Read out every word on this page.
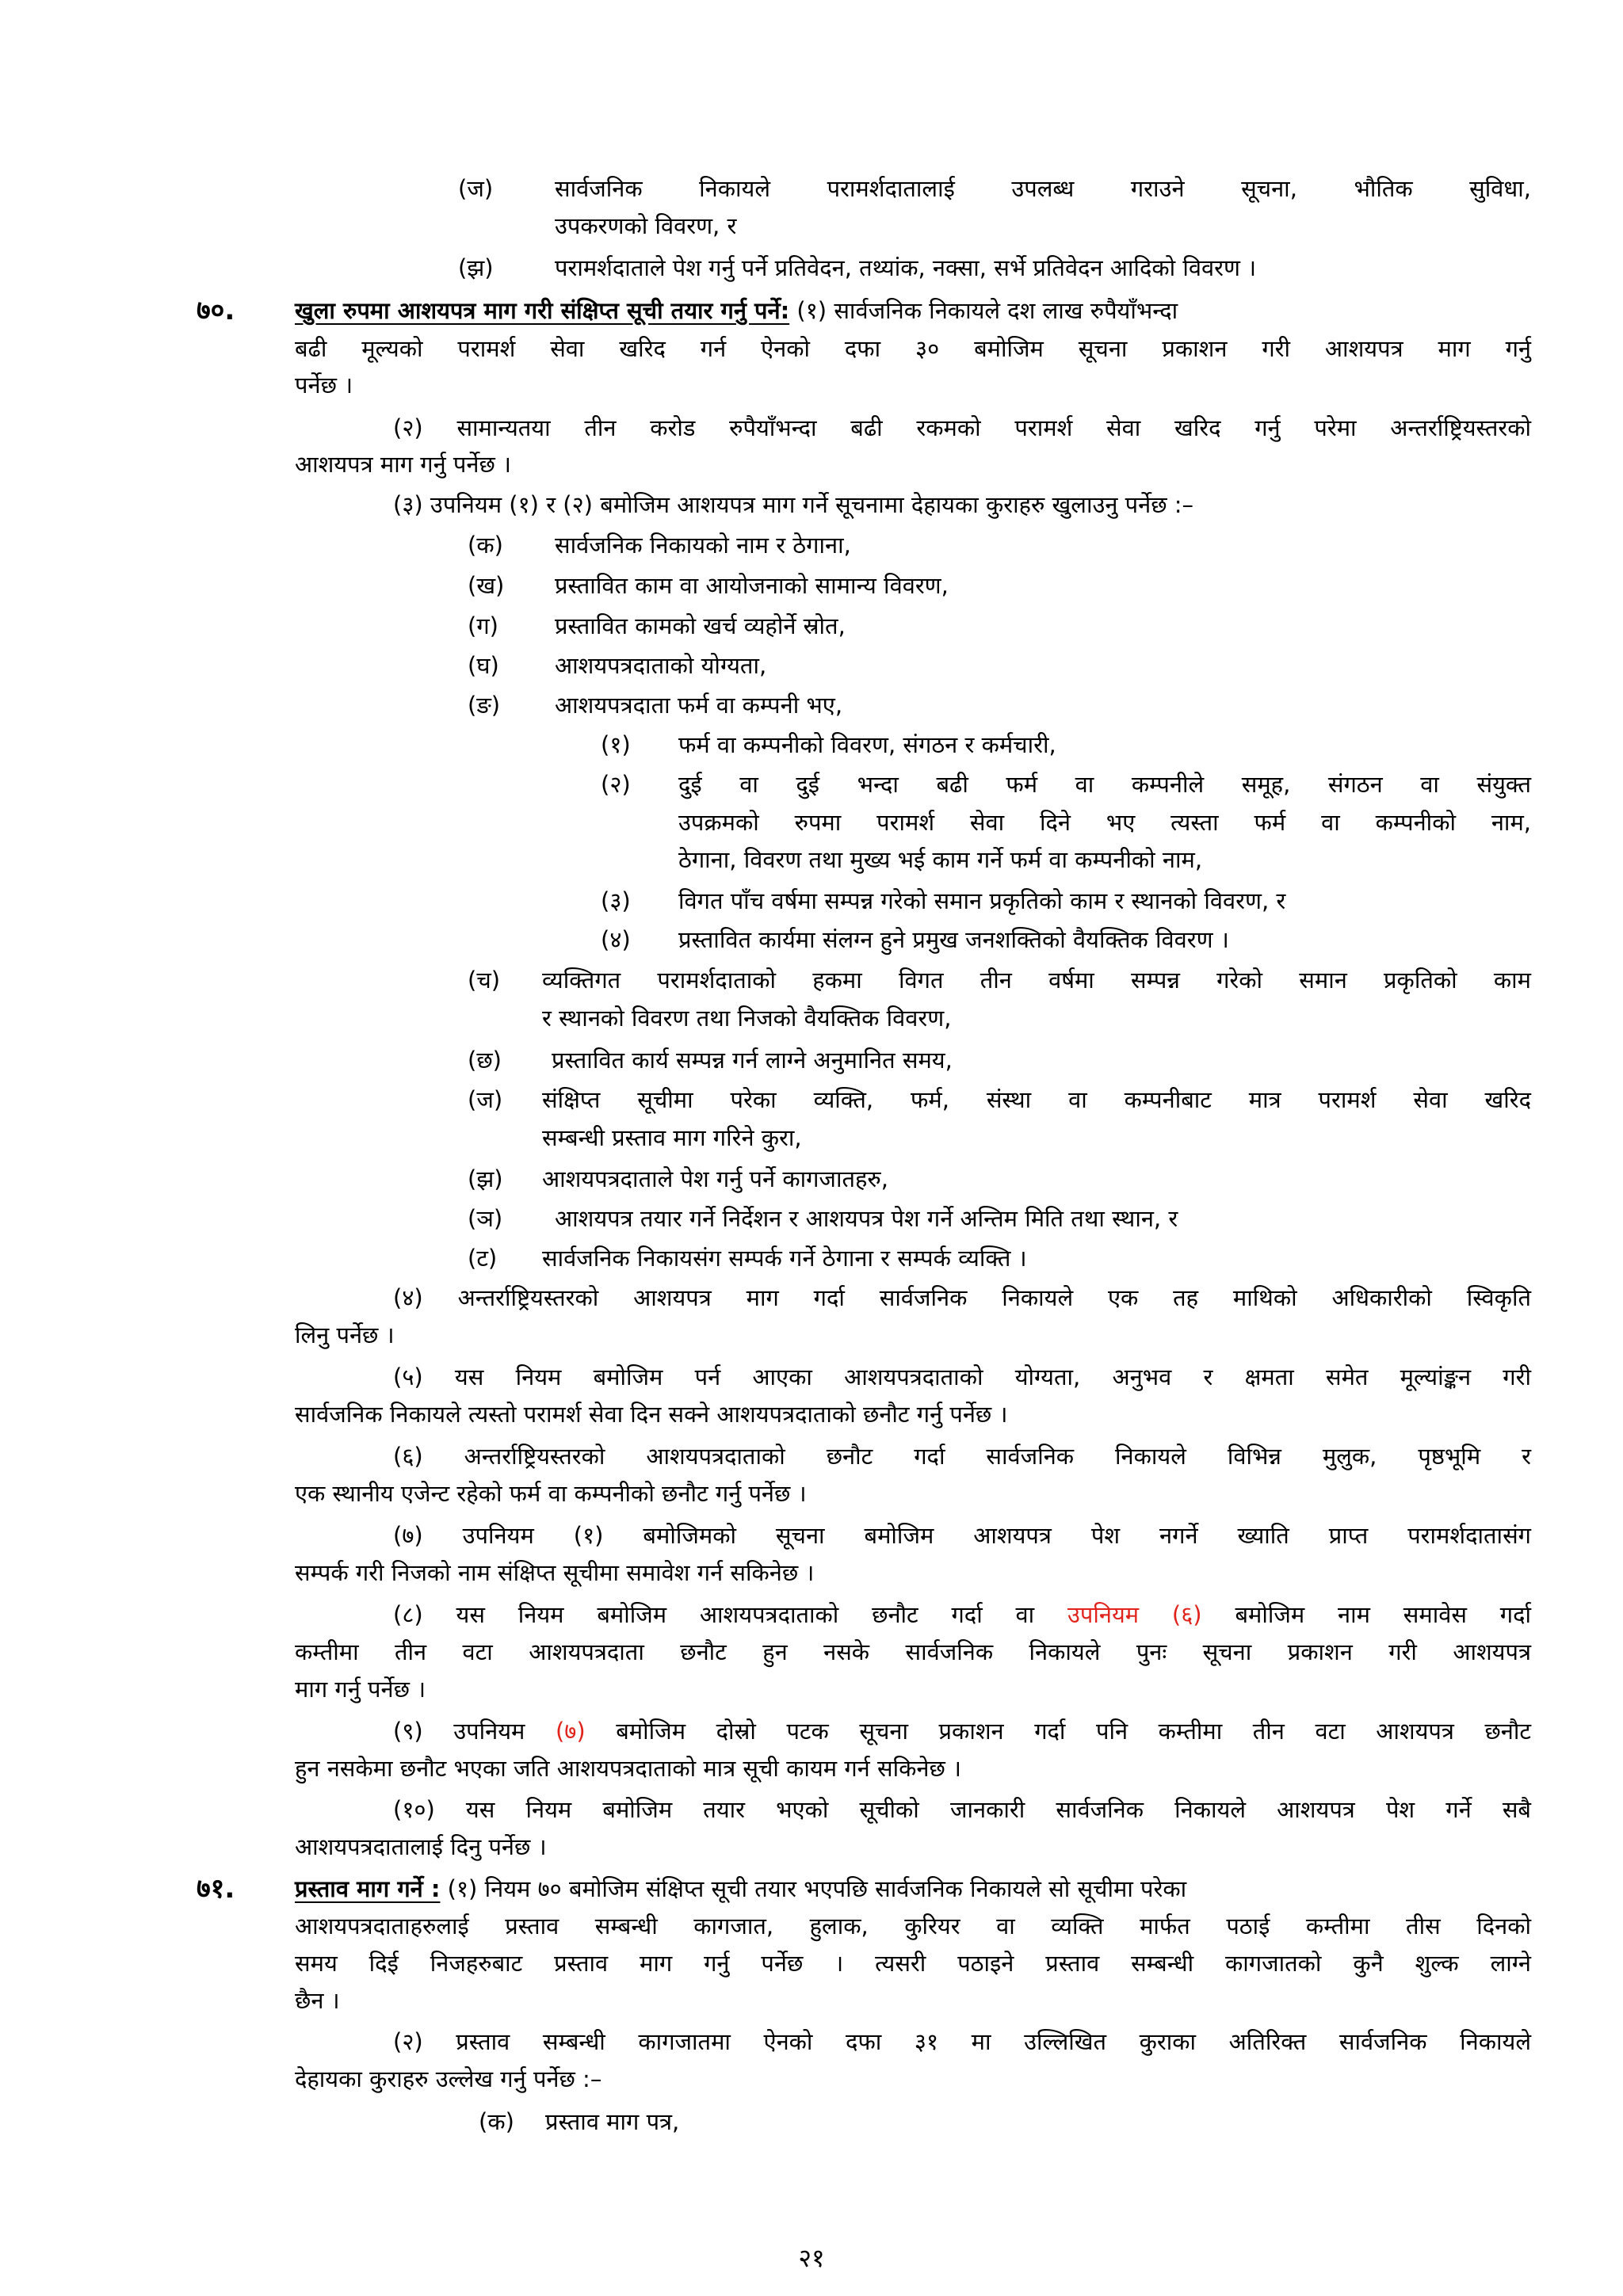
(ज)	सार्वजनिक निकायले परामर्शदातालाई उपलब्ध गराउने सूचना, भौतिक सुविधा,
उपकरणको विवरण, र
(झ)	परामर्शदाताले पेश गर्नु पर्ने प्रतिवेदन, तथ्यांक, नक्सा, सर्भे प्रतिवेदन आदिको विवरण ।
७०.	खुला रुपमा आशयपत्र माग गरी संक्षिप्त सूची तयार गर्नु पर्ने: (१) सार्वजनिक निकायले दश लाख रुपैयाँभन्दा
बढी मूल्यको परामर्श सेवा खरिद गर्न ऐनको दफा ३० बमोजिम सूचना प्रकाशन गरी आशयपत्र माग गर्नु
पर्नेछ ।
(२) सामान्यतया तीन करोड रुपैयाँभन्दा बढी रकमको परामर्श सेवा खरिद गर्नु परेमा अन्तर्राष्ट्रियस्तरको
आशयपत्र माग गर्नु पर्नेछ ।
(३) उपनियम (१) र (२) बमोजिम आशयपत्र माग गर्ने सूचनामा देहायका कुराहरु खुलाउनु पर्नेछ :–
(क) सार्वजनिक निकायको नाम र ठेगाना,
(ख) प्रस्तावित काम वा आयोजनाको सामान्य विवरण,
(ग) प्रस्तावित कामको खर्च व्यहोर्ने स्रोत,
(घ) आशयपत्रदाताको योग्यता,
(ङ) आशयपत्रदाता फर्म वा कम्पनी भए,
(१) फर्म वा कम्पनीको विवरण, संगठन र कर्मचारी,
(२) दुई वा दुई भन्दा बढी फर्म वा कम्पनीले समूह, संगठन वा संयुक्त
उपक्रमको रुपमा परामर्श सेवा दिने भए त्यस्ता फर्म वा कम्पनीको नाम,
ठेगाना, विवरण तथा मुख्य भई काम गर्ने फर्म वा कम्पनीको नाम,
(३) विगत पाँच वर्षमा सम्पन्न गरेको समान प्रकृतिको काम र स्थानको विवरण, र
(४) प्रस्तावित कार्यमा संलग्न हुने प्रमुख जनशक्तिको वैयक्तिक विवरण ।
(च) व्यक्तिगत परामर्शदाताको हकमा विगत तीन वर्षमा सम्पन्न गरेको समान प्रकृतिको काम
र स्थानको विवरण तथा निजको वैयक्तिक विवरण,
(छ) प्रस्तावित कार्य सम्पन्न गर्न लाग्ने अनुमानित समय,
(ज) संक्षिप्त सूचीमा परेका व्यक्ति, फर्म, संस्था वा कम्पनीबाट मात्र परामर्श सेवा खरिद
सम्बन्धी प्रस्ताव माग गरिने कुरा,
(झ) आशयपत्रदाताले पेश गर्नु पर्ने कागजातहरु,
(ञ) आशयपत्र तयार गर्ने निर्देशन र आशयपत्र पेश गर्ने अन्तिम मिति तथा स्थान, र
(ट) सार्वजनिक निकायसंग सम्पर्क गर्ने ठेगाना र सम्पर्क व्यक्ति ।
(४) अन्तर्राष्ट्रियस्तरको आशयपत्र माग गर्दा सार्वजनिक निकायले एक तह माथिको अधिकारीको स्विकृति
लिनु पर्नेछ ।
(५) यस नियम बमोजिम पर्न आएका आशयपत्रदाताको योग्यता, अनुभव र क्षमता समेत मूल्यांङ्कन गरी
सार्वजनिक निकायले त्यस्तो परामर्श सेवा दिन सक्ने आशयपत्रदाताको छनौट गर्नु पर्नेछ ।
(६) अन्तर्राष्ट्रियस्तरको आशयपत्रदाताको छनौट गर्दा सार्वजनिक निकायले विभिन्न मुलुक, पृष्ठभूमि र
एक स्थानीय एजेन्ट रहेको फर्म वा कम्पनीको छनौट गर्नु पर्नेछ ।
(७) उपनियम (१) बमोजिमको सूचना बमोजिम आशयपत्र पेश नगर्ने ख्याति प्राप्त परामर्शदातासंग
सम्पर्क गरी निजको नाम संक्षिप्त सूचीमा समावेश गर्न सकिनेछ ।
(८) यस नियम बमोजिम आशयपत्रदाताको छनौट गर्दा वा उपनियम (६) बमोजिम नाम समावेस गर्दा
कम्तीमा तीन वटा आशयपत्रदाता छनौट हुन नसके सार्वजनिक निकायले पुनः सूचना प्रकाशन गरी आशयपत्र
माग गर्नु पर्नेछ ।
(९) उपनियम (७) बमोजिम दोस्रो पटक सूचना प्रकाशन गर्दा पनि कम्तीमा तीन वटा आशयपत्र छनौट
हुन नसकेमा छनौट भएका जति आशयपत्रदाताको मात्र सूची कायम गर्न सकिनेछ ।
(१०) यस नियम बमोजिम तयार भएको सूचीको जानकारी सार्वजनिक निकायले आशयपत्र पेश गर्ने सबै
आशयपत्रदातालाई दिनु पर्नेछ ।
७१.	प्रस्ताव माग गर्ने : (१) नियम ७० बमोजिम संक्षिप्त सूची तयार भएपछि सार्वजनिक निकायले सो सूचीमा परेका
आशयपत्रदाताहरुलाई प्रस्ताव सम्बन्धी कागजात, हुलाक, कुरियर वा व्यक्ति मार्फत पठाई कम्तीमा तीस दिनको
समय दिई निजहरुबाट प्रस्ताव माग गर्नु पर्नेछ । त्यसरी पठाइने प्रस्ताव सम्बन्धी कागजातको कुनै शुल्क लाग्ने
छैन ।
(२) प्रस्ताव सम्बन्धी कागजातमा ऐनको दफा ३१ मा उल्लिखित कुराका अतिरिक्त सार्वजनिक निकायले
देहायका कुराहरु उल्लेख गर्नु पर्नेछ :–
(क) प्रस्ताव माग पत्र,
२१
